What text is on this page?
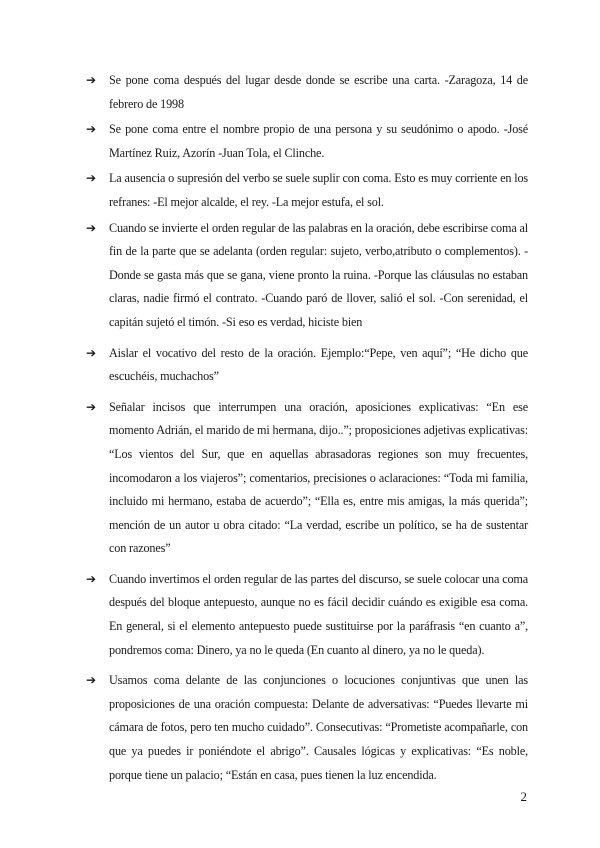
➔ Se pone coma después del lugar desde donde se escribe una carta. -Zaragoza, 14 de febrero de 1998
➔ Se pone coma entre el nombre propio de una persona y su seudónimo o apodo. -José Martínez Ruiz, Azorín -Juan Tola, el Clinche.
➔ La ausencia o supresión del verbo se suele suplir con coma. Esto es muy corriente en los refranes: -El mejor alcalde, el rey. -La mejor estufa, el sol.
➔ Cuando se invierte el orden regular de las palabras en la oración, debe escribirse coma al fin de la parte que se adelanta (orden regular: sujeto, verbo,atributo o complementos). -Donde se gasta más que se gana, viene pronto la ruina. -Porque las cláusulas no estaban claras, nadie firmó el contrato. -Cuando paró de llover, salió el sol. -Con serenidad, el capitán sujetó el timón. -Si eso es verdad, hiciste bien
➔ Aislar el vocativo del resto de la oración. Ejemplo:“Pepe, ven aquí”; “He dicho que escuchéis, muchachos”
➔ Señalar incisos que interrumpen una oración, aposiciones explicativas: “En ese momento Adrián, el marido de mi hermana, dijo..”; proposiciones adjetivas explicativas: “Los vientos del Sur, que en aquellas abrasadoras regiones son muy frecuentes, incomodaron a los viajeros”; comentarios, precisiones o aclaraciones: “Toda mi familia, incluido mi hermano, estaba de acuerdo”; “Ella es, entre mis amigas, la más querida”; mención de un autor u obra citado: “La verdad, escribe un político, se ha de sustentar con razones”
➔ Cuando invertimos el orden regular de las partes del discurso, se suele colocar una coma después del bloque antepuesto, aunque no es fácil decidir cuándo es exigible esa coma. En general, si el elemento antepuesto puede sustituirse por la paráfrasis “en cuanto a”, pondremos coma: Dinero, ya no le queda (En cuanto al dinero, ya no le queda).
➔ Usamos coma delante de las conjunciones o locuciones conjuntivas que unen las proposiciones de una oración compuesta: Delante de adversativas: “Puedes llevarte mi cámara de fotos, pero ten mucho cuidado”. Consecutivas: “Prometiste acompañarle, con que ya puedes ir poniéndote el abrigo”. Causales lógicas y explicativas: “Es noble, porque tiene un palacio; “Están en casa, pues tienen la luz encendida.
2
